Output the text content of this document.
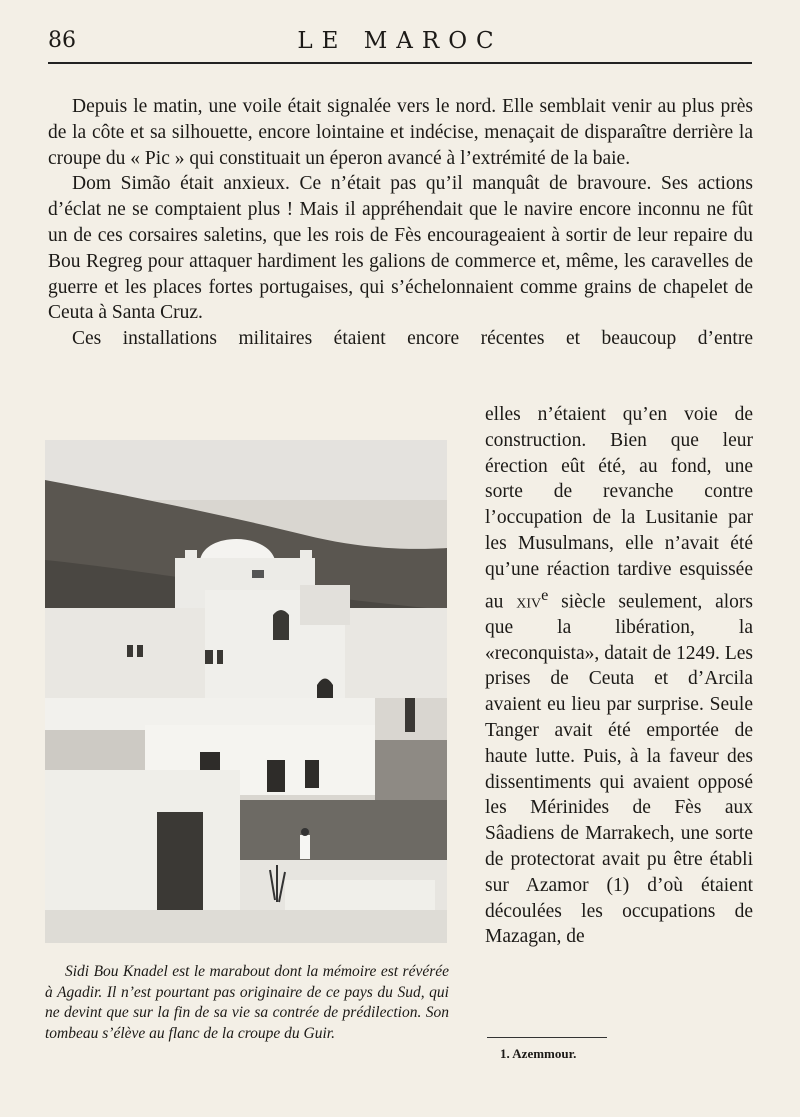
86	LE MAROC

Depuis le matin, une voile était signalée vers le nord. Elle semblait venir au plus près de la côte et sa silhouette, encore lointaine et indécise, menaçait de disparaître derrière la croupe du « Pic » qui constituait un éperon avancé à l’extrémité de la baie.

Dom Simão était anxieux. Ce n’était pas qu’il manquât de bravoure. Ses actions d’éclat ne se comptaient plus ! Mais il appréhendait que le navire encore inconnu ne fût un de ces corsaires saletins, que les rois de Fès encourageaient à sortir de leur repaire du Bou Regreg pour attaquer hardiment les galions de commerce et, même, les caravelles de guerre et les places fortes portugaises, qui s’échelonnaient comme grains de chapelet de Ceuta à Santa Cruz.

Ces installations militaires étaient encore récentes et beaucoup d’entre

Sidi Bou Knadel est le marabout dont la mémoire est révérée à Agadir. Il n’est pourtant pas originaire de ce pays du Sud, qui ne devint que sur la fin de sa vie sa contrée de prédilection. Son tombeau s’élève au flanc de la croupe du Guir.

elles n’étaient qu’en voie de construction. Bien que leur érection eût été, au fond, une sorte de revanche contre l’occupation de la Lusitanie par les Musulmans, elle n’avait été qu’une réaction tardive esquissée au xiv$^e$ siècle seulement, alors que la libération, la «reconquista», datait de 1249. Les prises de Ceuta et d’Arcila avaient eu lieu par surprise. Seule Tanger avait été emportée de haute lutte. Puis, à la faveur des dissentiments qui avaient opposé les Mérinides de Fès aux Sâadiens de Marrakech, une sorte de protectorat avait pu être établi sur Azamor (1) d’où étaient découlées les occupations de Mazagan, de

1. Azemmour.
